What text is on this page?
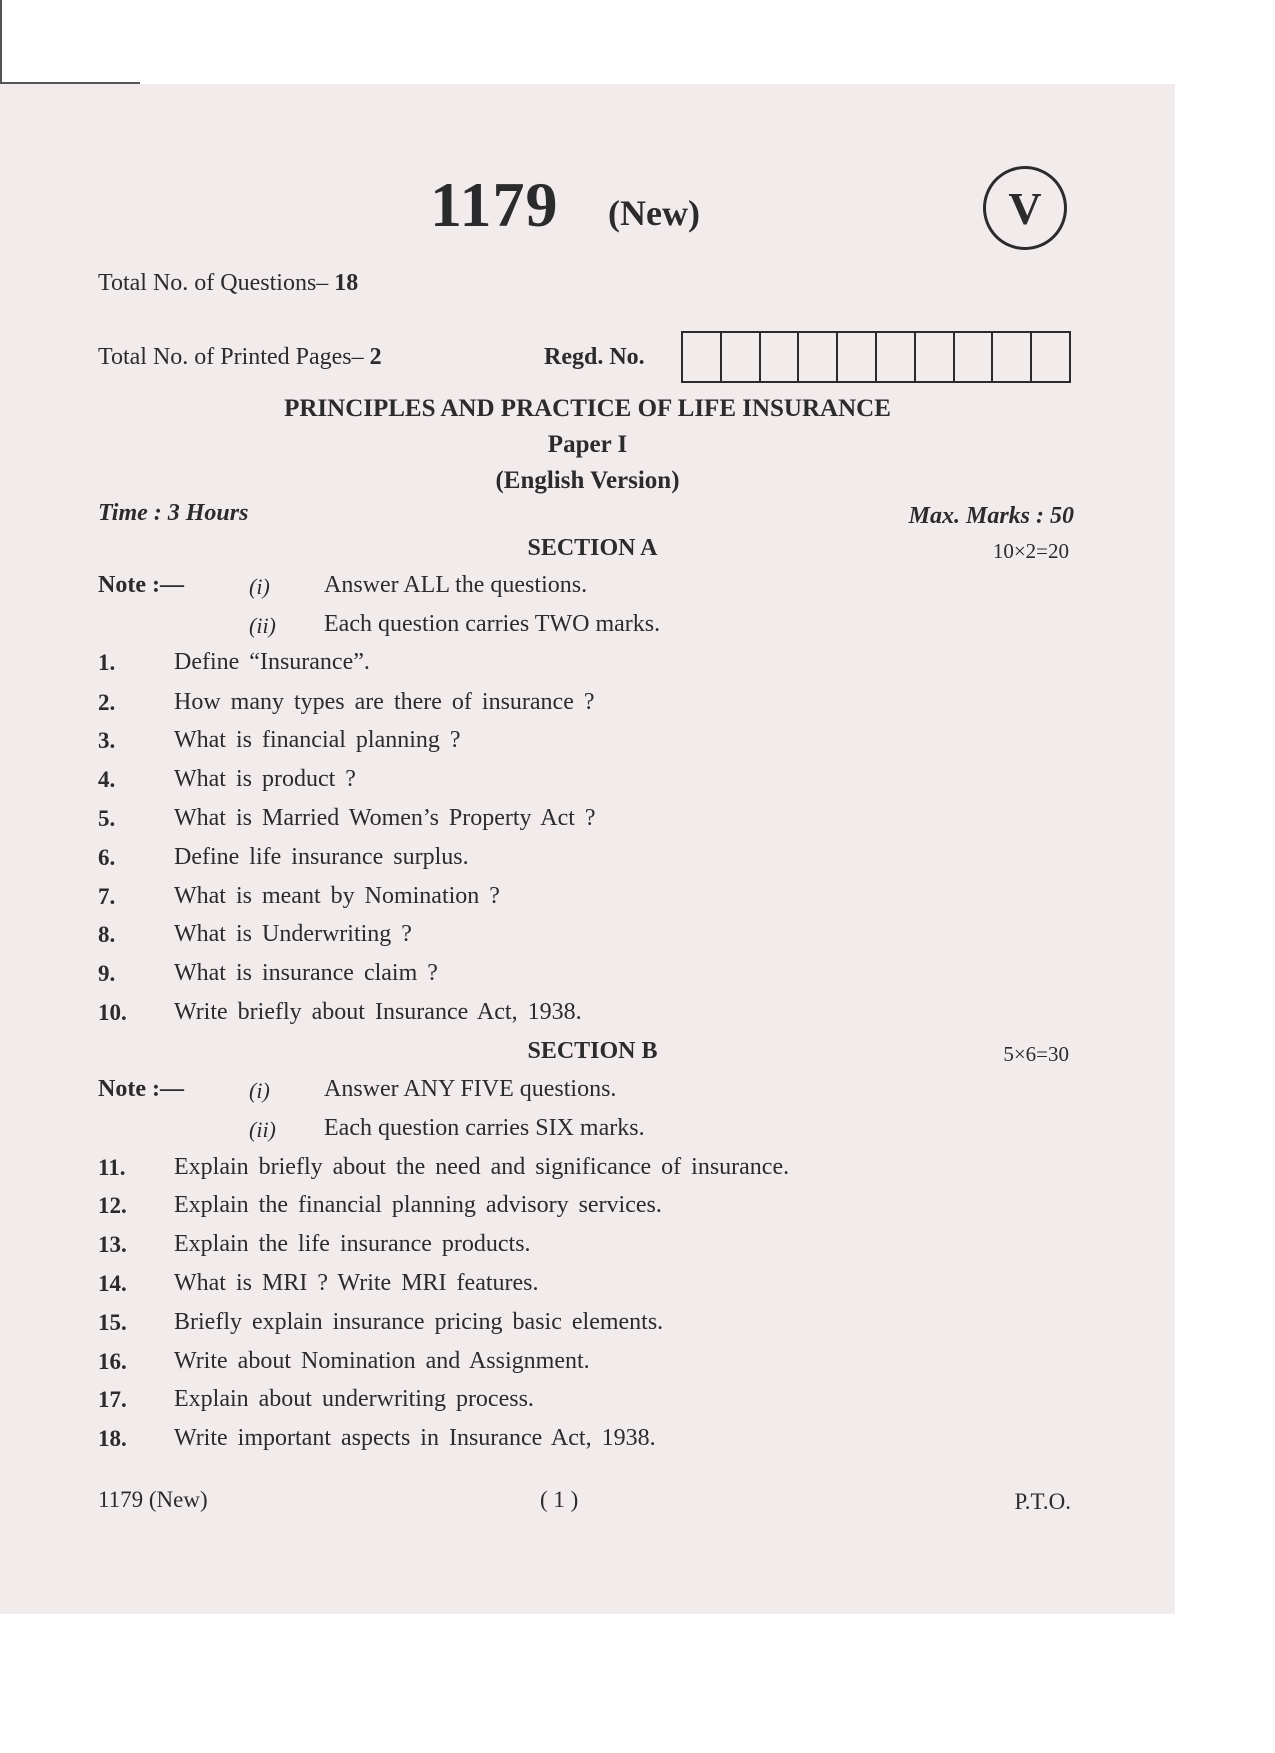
1179 (New)	V
Total No. of Questions– 18
Total No. of Printed Pages– 2	Regd. No.
PRINCIPLES AND PRACTICE OF LIFE INSURANCE
Paper I
(English Version)
Time : 3 Hours	Max. Marks : 50
SECTION A	10×2=20
Note :—	(i) Answer ALL the questions.
(ii) Each question carries TWO marks.
1. Define “Insurance”.
2. How many types are there of insurance ?
3. What is financial planning ?
4. What is product ?
5. What is Married Women’s Property Act ?
6. Define life insurance surplus.
7. What is meant by Nomination ?
8. What is Underwriting ?
9. What is insurance claim ?
10. Write briefly about Insurance Act, 1938.
SECTION B	5×6=30
Note :—	(i) Answer ANY FIVE questions.
(ii) Each question carries SIX marks.
11. Explain briefly about the need and significance of insurance.
12. Explain the financial planning advisory services.
13. Explain the life insurance products.
14. What is MRI ? Write MRI features.
15. Briefly explain insurance pricing basic elements.
16. Write about Nomination and Assignment.
17. Explain about underwriting process.
18. Write important aspects in Insurance Act, 1938.
1179 (New)	( 1 )	P.T.O.
